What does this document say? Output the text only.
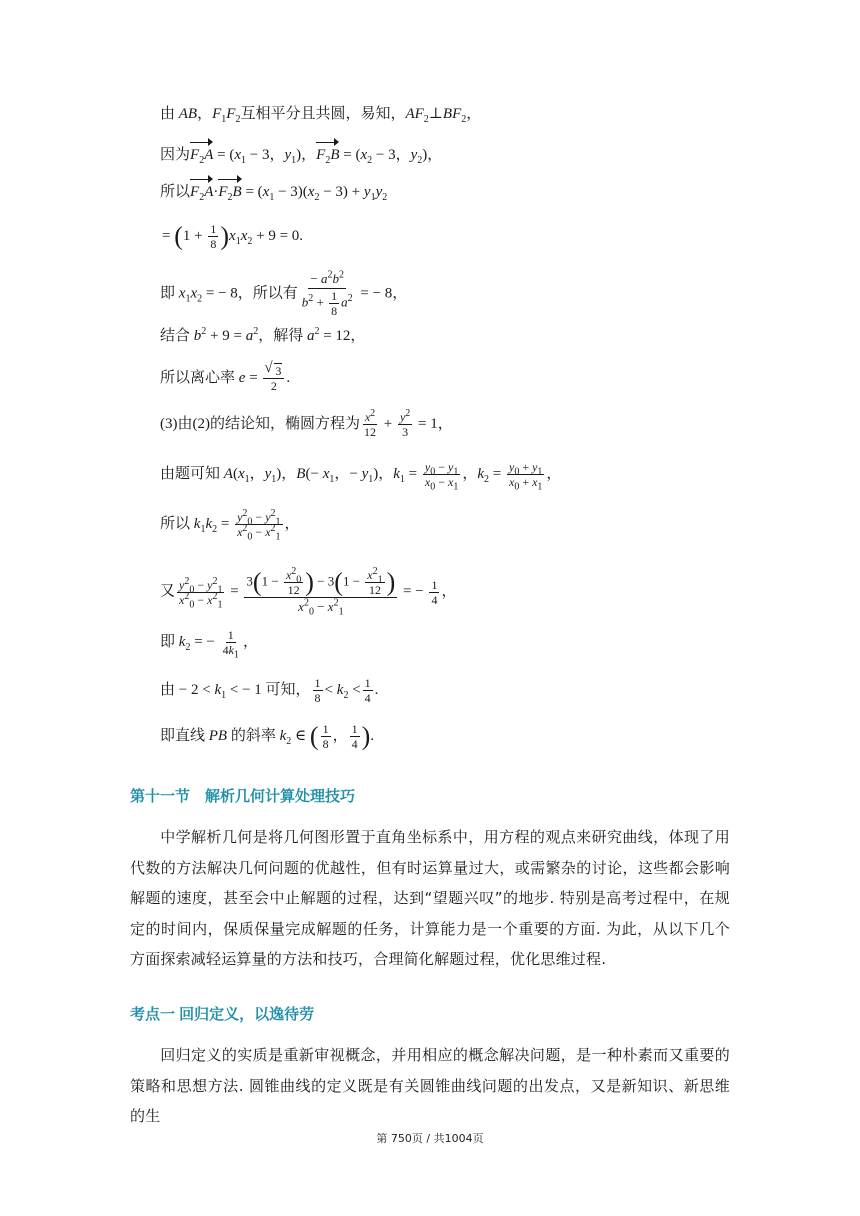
由 AB，$F_1F_2$互相平分且共圆，易知，$AF_2\perp BF_2$，
因为$F_2A = (x_1 - 3$，$y_1$)，$F_2B = (x_2 - 3$，$y_2$)，
所以$F_2A\cdot F_2B = (x_1 - 3)(x_2 - 3) + y_1y_2$
= $(1 + \frac{1}{8} )x_1x_2 + 9 = 0$.
即 $x_1x_2$ = − 8，所以有 $\frac{- a^2b^2}{b^2 + \frac{1}{8} a^2}$ = − 8，
结合 $b^2 + 9 = a^2$，解得 $a^2 = 12$，
所以离心率 e =
√ $\frac{3}{2}$ .
(3)由(2)的结论知，椭圆方程为 $\frac{x^2}{12} + \frac{y^2}{3} = 1$，
由题可知 $A(x_1$，$y_1$)，$B(- x_1$，− $y_1$)，$k_1 = \frac{y_0 - y_1}{x_0 - x_1}$ ，$k_2 = \frac{y_0 + y_1}{x_0 + x_1}$ ，
所以 $k_1k_2 = \frac{y^2_0 - y^2_1}{x^2_0 - x^2_1}$ ，
又 $\frac{y^2_0 - y^2_1}{x^2_0 - x^2_1} = \frac{3(1 - \frac{x^2_0}{12} ) - 3(1 - \frac{x^2_1}{12} )}{x^2_0 - x^2_1}$ = − $\frac{1}{4}$ ，
即 $k_2$ = − $\frac{1}{4k_1}$ ，
由 − $2 < k_1$ < − 1 可知， $\frac{1}{8} < k_2 < \frac{1}{4}$ .
即直线 PB 的斜率 $k_2$ ∈ ( $\frac{1}{8}$ ， $\frac{1}{4}$ ).
第十一节　解析几何计算处理技巧
中学解析几何是将几何图形置于直角坐标系中，用方程的观点来研究曲线，体现了用代数的方法解决几何问题的优越性，但有时运算量过大，或需繁杂的讨论，这些都会影响解题的速度，甚至会中止解题的过程，达到“望题兴叹”的地步. 特别是高考过程中，在规定的时间内，保质保量完成解题的任务，计算能力是一个重要的方面. 为此，从以下几个方面探索减轻运算量的方法和技巧，合理简化解题过程，优化思维过程.
考点一 回归定义，以逸待劳
回归定义的实质是重新审视概念，并用相应的概念解决问题，是一种朴素而又重要的策略和思想方法. 圆锥曲线的定义既是有关圆锥曲线问题的出发点，又是新知识、新思维的生
第 750页 / 共1004页
